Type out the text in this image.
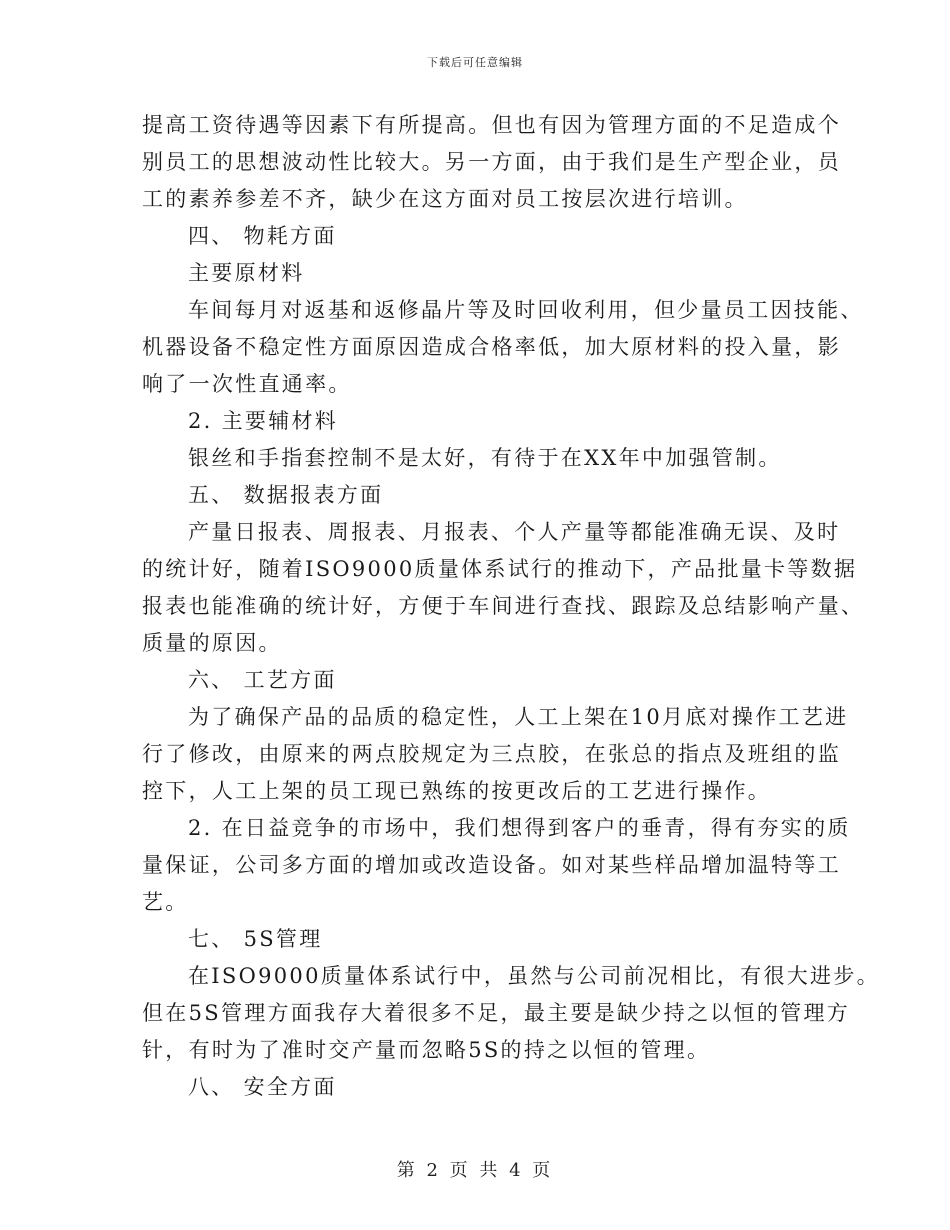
下载后可任意编辑
提高工资待遇等因素下有所提高。但也有因为管理方面的不足造成个
别员工的思想波动性比较大。另一方面，由于我们是生产型企业，员
工的素养参差不齐，缺少在这方面对员工按层次进行培训。
四、 物耗方面
主要原材料
车间每月对返基和返修晶片等及时回收利用，但少量员工因技能、
机器设备不稳定性方面原因造成合格率低，加大原材料的投入量，影
响了一次性直通率。
2. 主要辅材料
银丝和手指套控制不是太好，有待于在XX年中加强管制。
五、 数据报表方面
产量日报表、周报表、月报表、个人产量等都能准确无误、及时
的统计好，随着ISO9000质量体系试行的推动下，产品批量卡等数据
报表也能准确的统计好，方便于车间进行查找、跟踪及总结影响产量、
质量的原因。
六、 工艺方面
为了确保产品的品质的稳定性，人工上架在10月底对操作工艺进
行了修改，由原来的两点胶规定为三点胶，在张总的指点及班组的监
控下，人工上架的员工现已熟练的按更改后的工艺进行操作。
2. 在日益竞争的市场中，我们想得到客户的垂青，得有夯实的质
量保证，公司多方面的增加或改造设备。如对某些样品增加温特等工
艺。
七、 5S管理
在ISO9000质量体系试行中，虽然与公司前况相比，有很大进步。
但在5S管理方面我存大着很多不足，最主要是缺少持之以恒的管理方
针，有时为了准时交产量而忽略5S的持之以恒的管理。
八、 安全方面
第 2 页 共 4 页
